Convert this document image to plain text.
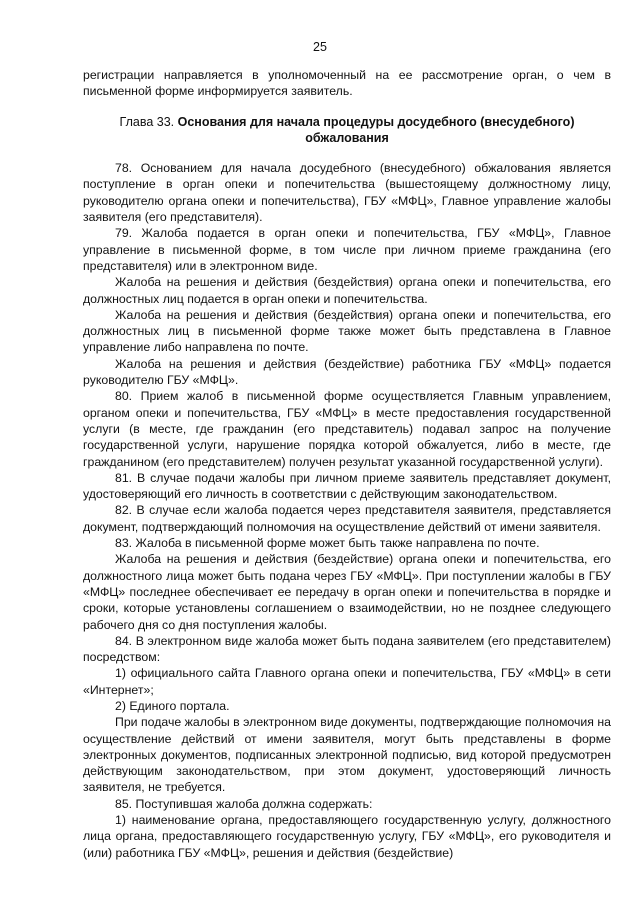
25

регистрации направляется в уполномоченный на ее рассмотрение орган, о чем в письменной форме информируется заявитель.

Глава 33. Основания для начала процедуры досудебного (внесудебного) обжалования

78. Основанием для начала досудебного (внесудебного) обжалования является поступление в орган опеки и попечительства (вышестоящему должностному лицу, руководителю органа опеки и попечительства), ГБУ «МФЦ», Главное управление жалобы заявителя (его представителя).

79. Жалоба подается в орган опеки и попечительства, ГБУ «МФЦ», Главное управление в письменной форме, в том числе при личном приеме гражданина (его представителя) или в электронном виде.

Жалоба на решения и действия (бездействия) органа опеки и попечительства, его должностных лиц подается в орган опеки и попечительства.

Жалоба на решения и действия (бездействия) органа опеки и попечительства, его должностных лиц в письменной форме также может быть представлена в Главное управление либо направлена по почте.

Жалоба на решения и действия (бездействие) работника ГБУ «МФЦ» подается руководителю ГБУ «МФЦ».

80. Прием жалоб в письменной форме осуществляется Главным управлением, органом опеки и попечительства, ГБУ «МФЦ» в месте предоставления государственной услуги (в месте, где гражданин (его представитель) подавал запрос на получение государственной услуги, нарушение порядка которой обжалуется, либо в месте, где гражданином (его представителем) получен результат указанной государственной услуги).

81. В случае подачи жалобы при личном приеме заявитель представляет документ, удостоверяющий его личность в соответствии с действующим законодательством.

82. В случае если жалоба подается через представителя заявителя, представляется документ, подтверждающий полномочия на осуществление действий от имени заявителя.

83. Жалоба в письменной форме может быть также направлена по почте.

Жалоба на решения и действия (бездействие) органа опеки и попечительства, его должностного лица может быть подана через ГБУ «МФЦ». При поступлении жалобы в ГБУ «МФЦ» последнее обеспечивает ее передачу в орган опеки и попечительства в порядке и сроки, которые установлены соглашением о взаимодействии, но не позднее следующего рабочего дня со дня поступления жалобы.

84. В электронном виде жалоба может быть подана заявителем (его представителем) посредством:

1) официального сайта Главного органа опеки и попечительства, ГБУ «МФЦ» в сети «Интернет»;

2) Единого портала.

При подаче жалобы в электронном виде документы, подтверждающие полномочия на осуществление действий от имени заявителя, могут быть представлены в форме электронных документов, подписанных электронной подписью, вид которой предусмотрен действующим законодательством, при этом документ, удостоверяющий личность заявителя, не требуется.

85. Поступившая жалоба должна содержать:

1) наименование органа, предоставляющего государственную услугу, должностного лица органа, предоставляющего государственную услугу, ГБУ «МФЦ», его руководителя и (или) работника ГБУ «МФЦ», решения и действия (бездействие)
